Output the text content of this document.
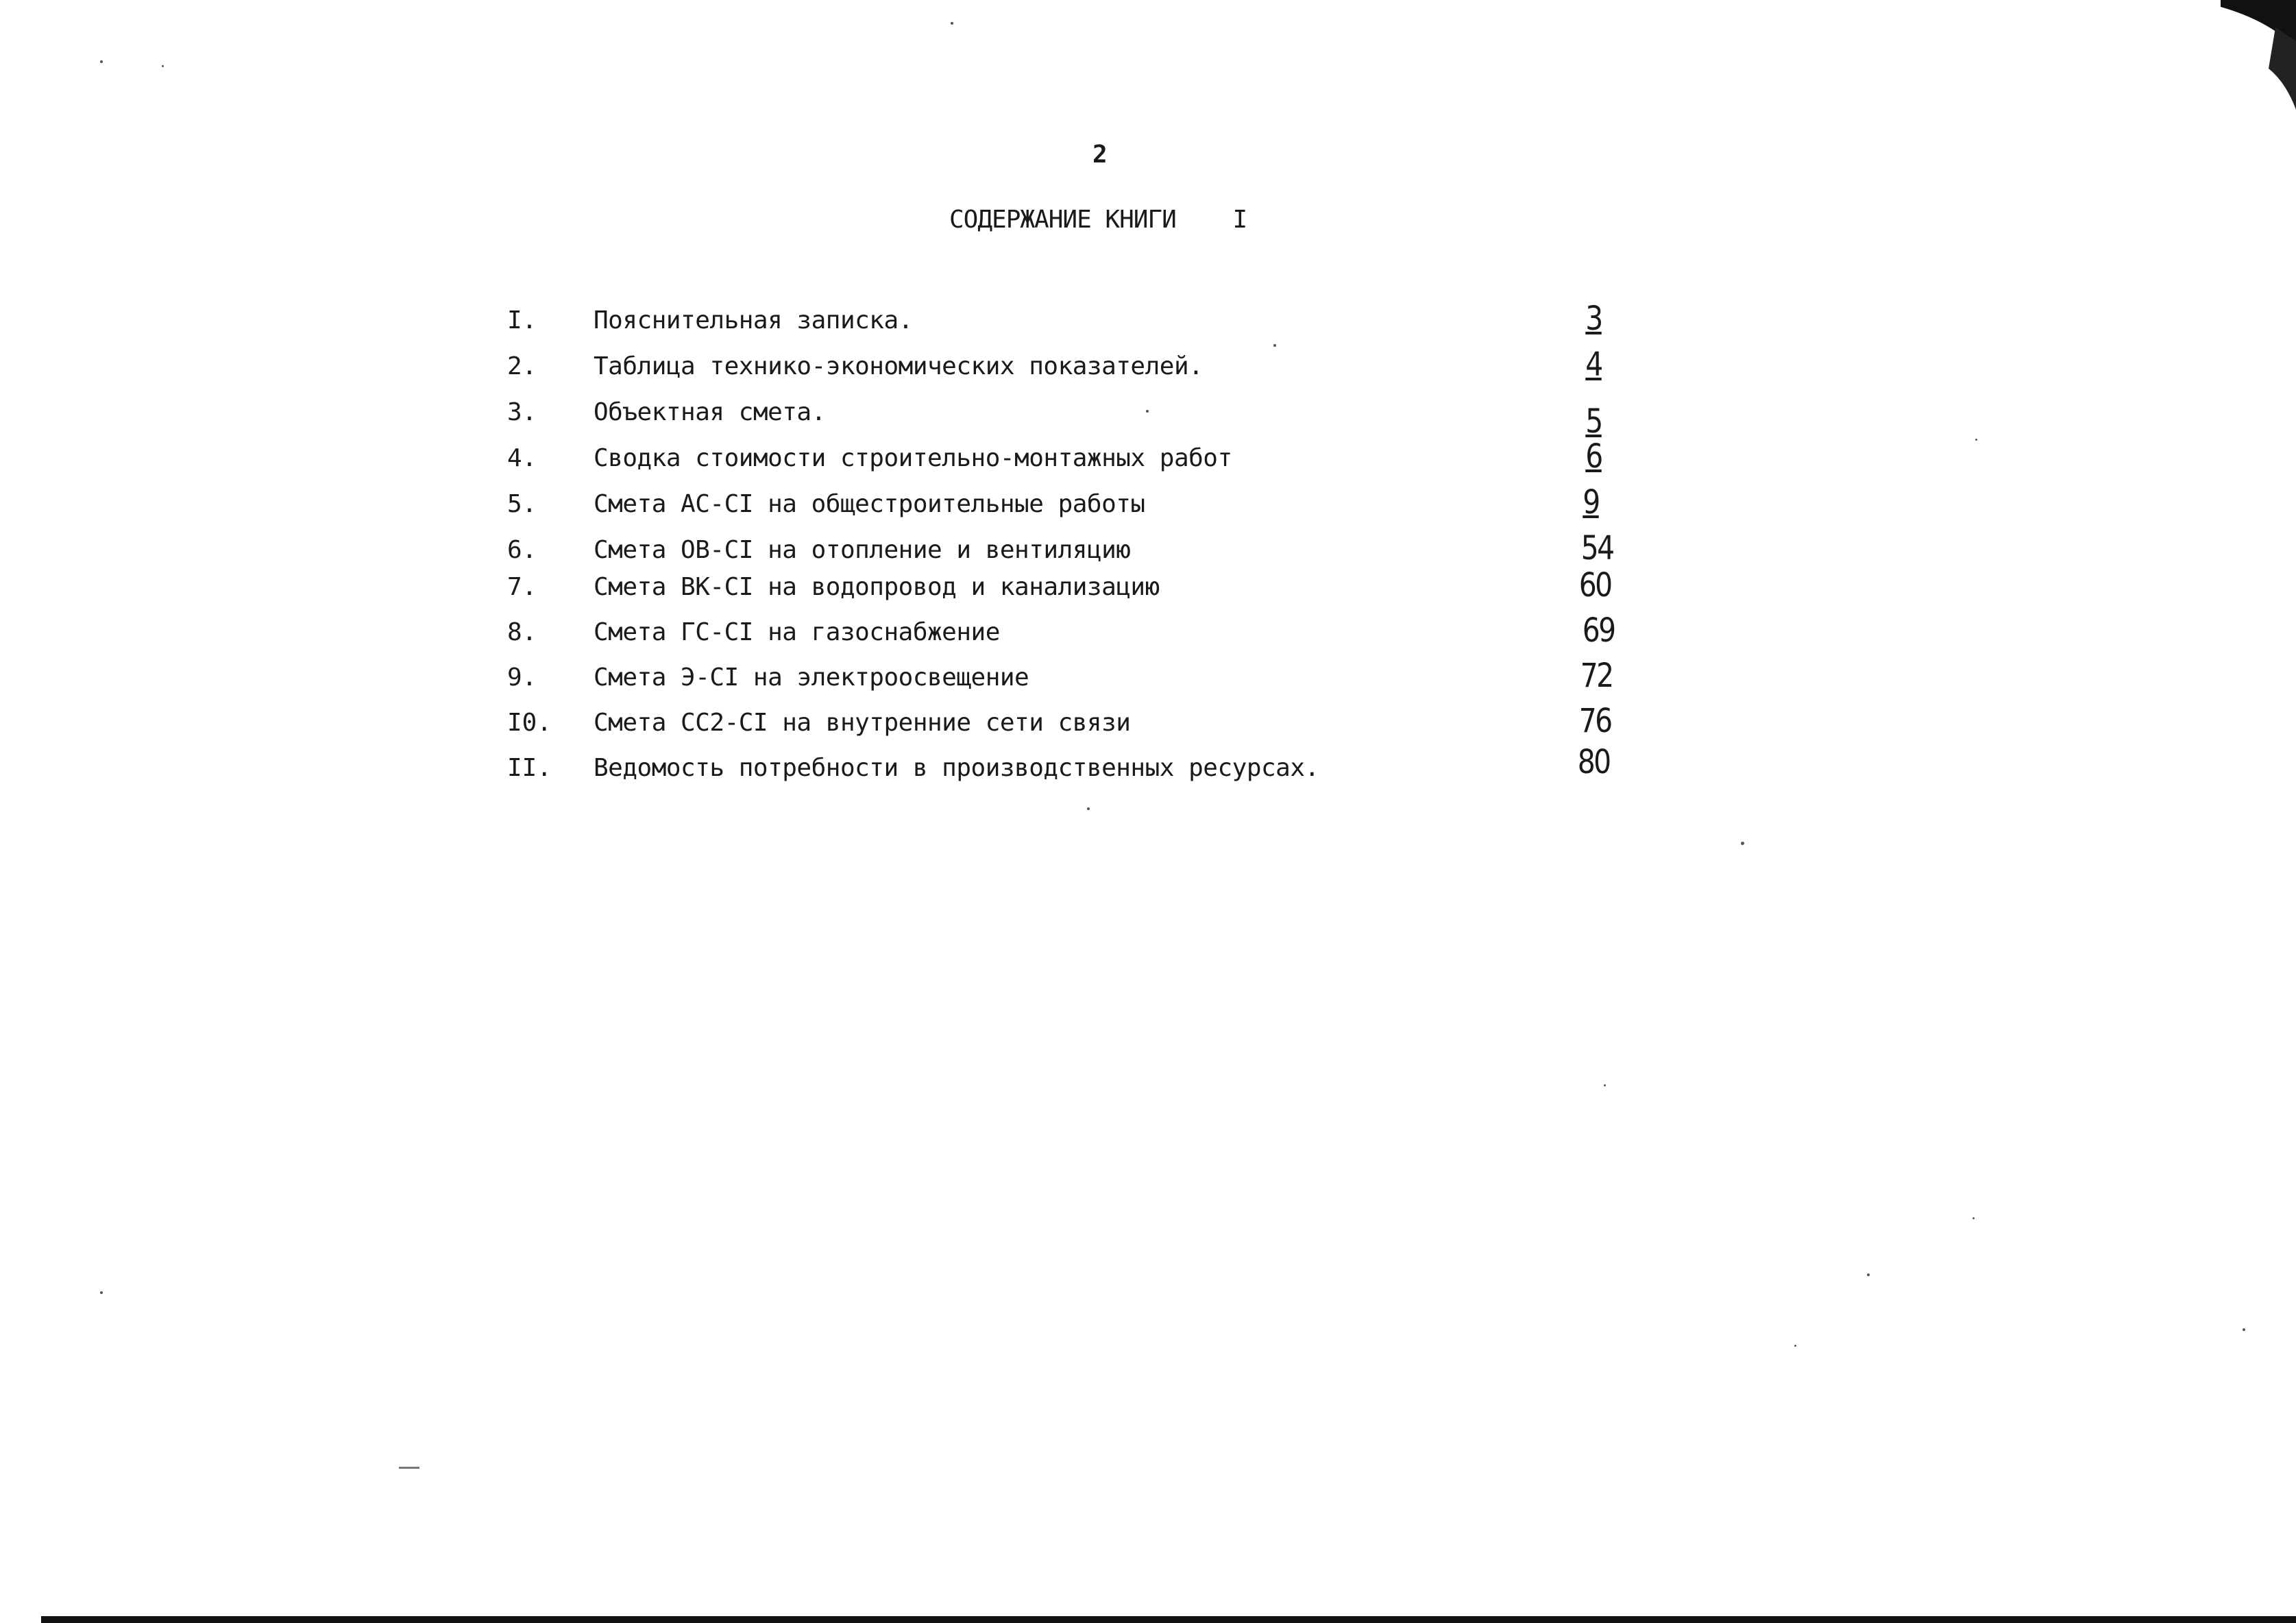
2
СОДЕРЖАНИЕ КНИГИ    I
I. Пояснительная записка.	3
2. Таблица технико-экономических показателей.	4
3. Объектная смета.	5
4. Сводка стоимости строительно-монтажных работ	6
5. Смета АС-СI на общестроительные работы	9
6. Смета ОВ-СI на отопление и вентиляцию	54
7. Смета ВК-СI на водопровод и канализацию	60
8. Смета ГС-СI на газоснабжение	69
9. Смета Э-СI на электроосвещение	72
I0. Смета СС2-СI на внутренние сети связи	76
II. Ведомость потребности в производственных ресурсах.	80
